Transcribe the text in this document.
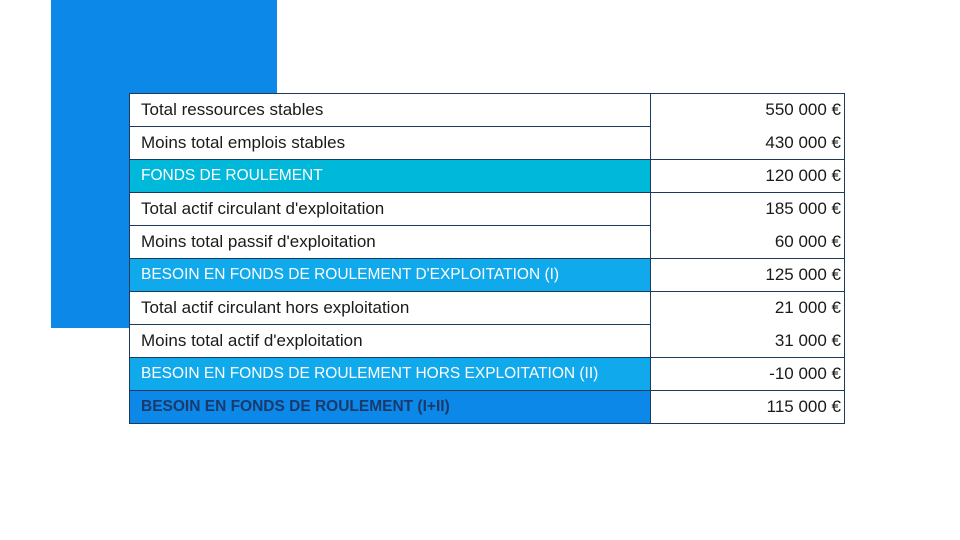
Total ressources stables	550 000 €
Moins total emplois stables	430 000 €
FONDS DE ROULEMENT	120 000 €
Total actif circulant d'exploitation	185 000 €
Moins total passif d'exploitation	60 000 €
BESOIN EN FONDS DE ROULEMENT D'EXPLOITATION (I)	125 000 €
Total actif circulant hors exploitation	21 000 €
Moins total actif d'exploitation	31 000 €
BESOIN EN FONDS DE ROULEMENT HORS EXPLOITATION (II)	-10 000 €
BESOIN EN FONDS DE ROULEMENT (I+II)	115 000 €
